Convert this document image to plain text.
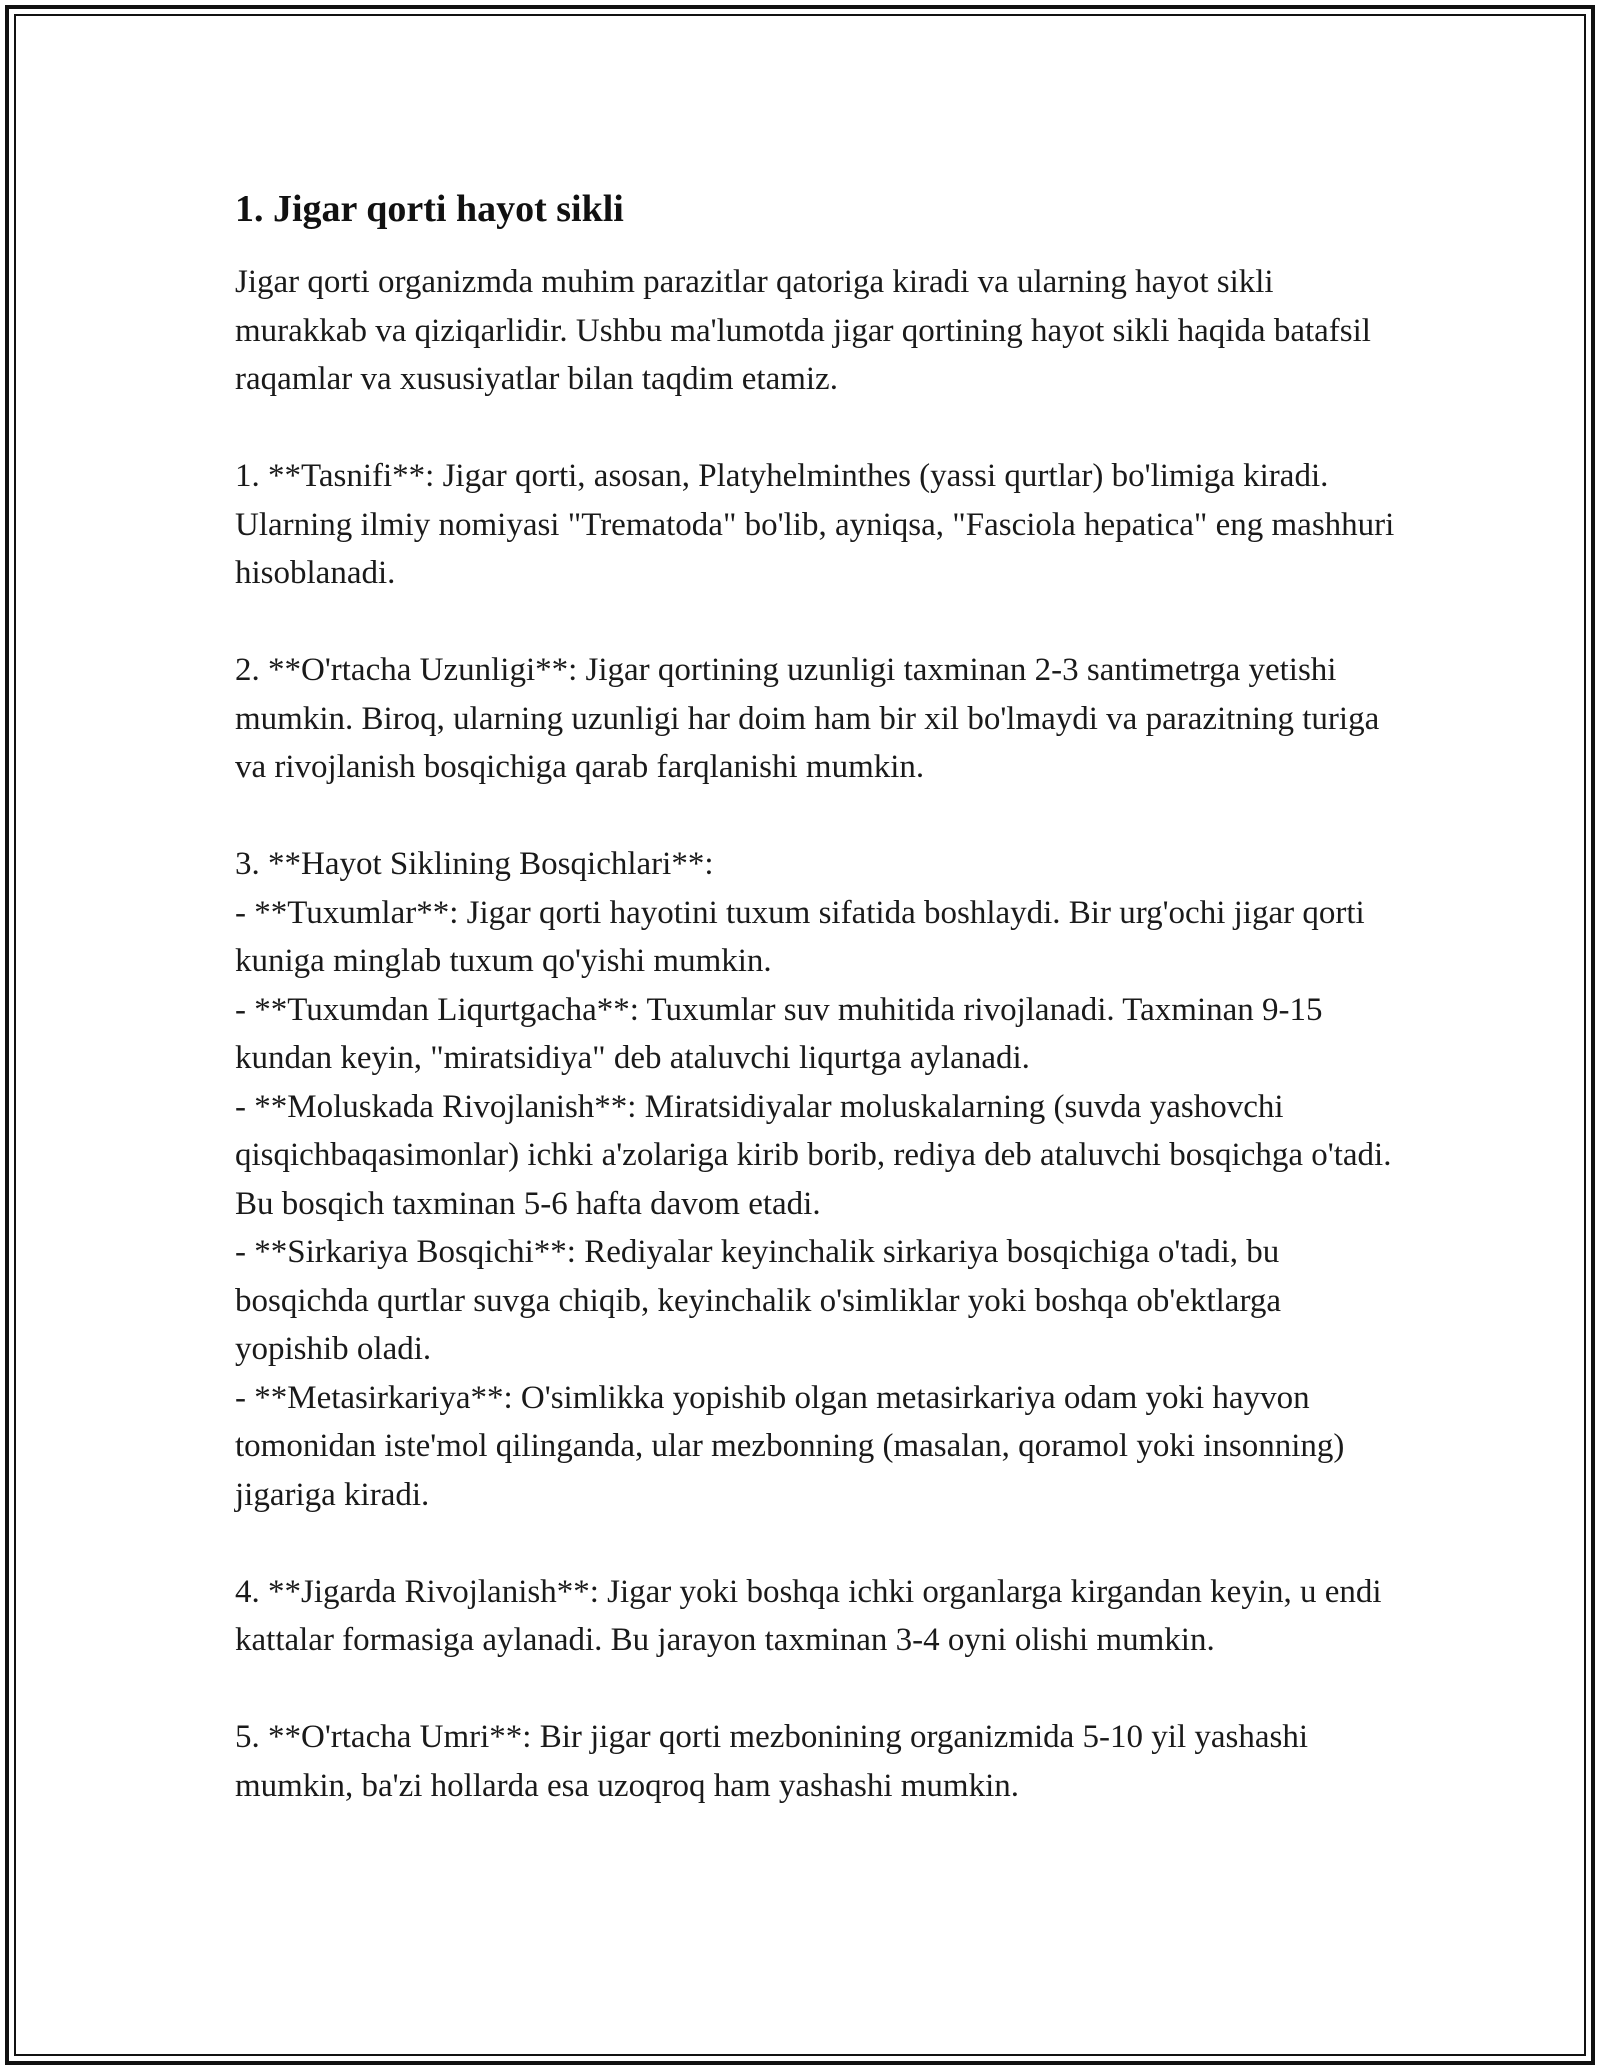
1. Jigar qorti hayot sikli

Jigar qorti organizmda muhim parazitlar qatoriga kiradi va ularning hayot sikli murakkab va qiziqarlidir. Ushbu ma'lumotda jigar qortining hayot sikli haqida batafsil raqamlar va xususiyatlar bilan taqdim etamiz.

1. **Tasnifi**: Jigar qorti, asosan, Platyhelminthes (yassi qurtlar) bo'limiga kiradi. Ularning ilmiy nomiyasi "Trematoda" bo'lib, ayniqsa, "Fasciola hepatica" eng mashhuri hisoblanadi.

2. **O'rtacha Uzunligi**: Jigar qortining uzunligi taxminan 2-3 santimetrga yetishi mumkin. Biroq, ularning uzunligi har doim ham bir xil bo'lmaydi va parazitning turiga va rivojlanish bosqichiga qarab farqlanishi mumkin.

3. **Hayot Siklining Bosqichlari**:
- **Tuxumlar**: Jigar qorti hayotini tuxum sifatida boshlaydi. Bir urg'ochi jigar qorti kuniga minglab tuxum qo'yishi mumkin.
- **Tuxumdan Liqurtgacha**: Tuxumlar suv muhitida rivojlanadi. Taxminan 9-15 kundan keyin, "miratsidiya" deb ataluvchi liqurtga aylanadi.
- **Moluskada Rivojlanish**: Miratsidiyalar moluskalarning (suvda yashovchi qisqichbaqasimonlar) ichki a'zolariga kirib borib, rediya deb ataluvchi bosqichga o'tadi. Bu bosqich taxminan 5-6 hafta davom etadi.
- **Sirkariya Bosqichi**: Rediyalar keyinchalik sirkariya bosqichiga o'tadi, bu bosqichda qurtlar suvga chiqib, keyinchalik o'simliklar yoki boshqa ob'ektlarga yopishib oladi.
- **Metasirkariya**: O'simlikka yopishib olgan metasirkariya odam yoki hayvon tomonidan iste'mol qilinganda, ular mezbonning (masalan, qoramol yoki insonning) jigariga kiradi.

4. **Jigarda Rivojlanish**: Jigar yoki boshqa ichki organlarga kirgandan keyin, u endi kattalar formasiga aylanadi. Bu jarayon taxminan 3-4 oyni olishi mumkin.

5. **O'rtacha Umri**: Bir jigar qorti mezbonining organizmida 5-10 yil yashashi mumkin, ba'zi hollarda esa uzoqroq ham yashashi mumkin.
